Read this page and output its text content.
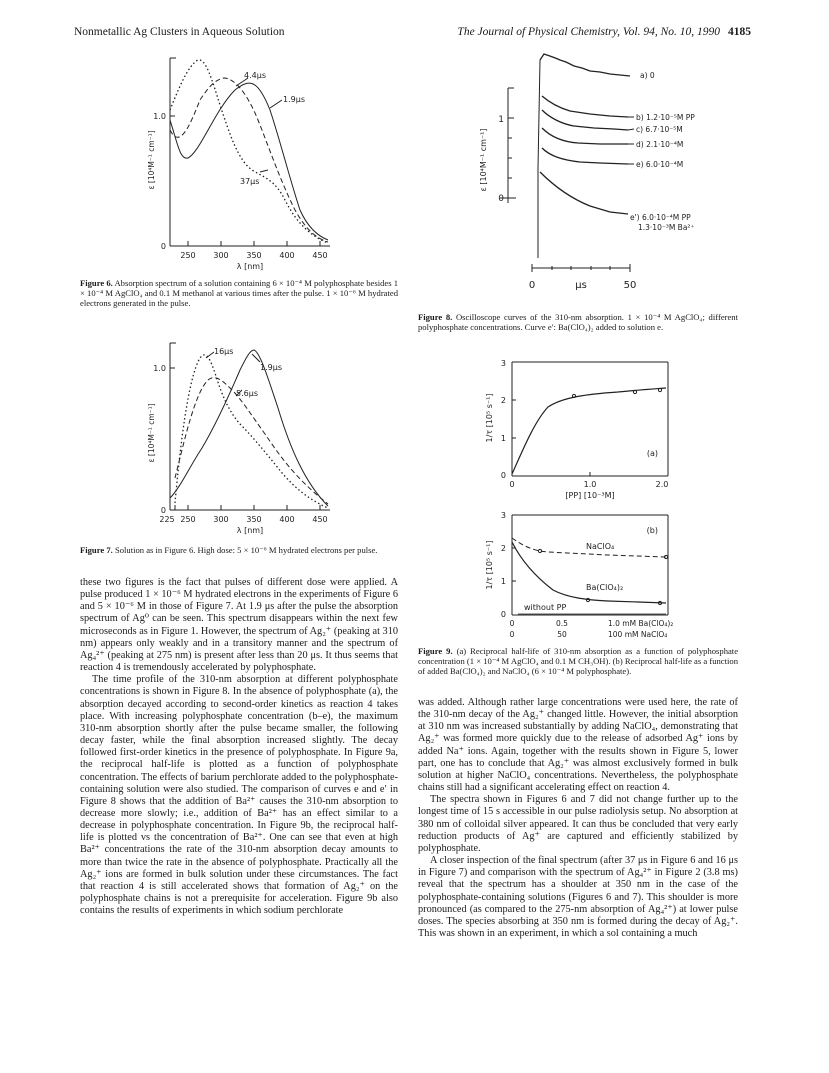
Nonmetallic Ag Clusters in Aqueous Solution	The Journal of Physical Chemistry, Vol. 94, No. 10, 1990 4185
1.0
0
ε [10⁴M⁻¹ cm⁻¹]
250 300 350 400 450
λ [nm]
4.4μs
1.9μs
37μs
Figure 6. Absorption spectrum of a solution containing 6 × 10⁻⁴ M polyphosphate besides 1 × 10⁻⁴ M AgClO₄ and 0.1 M methanol at various times after the pulse. 1 × 10⁻⁶ M hydrated electrons generated in the pulse.
1.0
0
ε [10⁴M⁻¹ cm⁻¹]
225 250 300 350 400 450
λ [nm]
16μs
1.9μs
5.6μs
Figure 7. Solution as in Figure 6. High dose: 5 × 10⁻⁶ M hydrated electrons per pulse.

these two figures is the fact that pulses of different dose were applied. A pulse produced 1 × 10⁻⁶ M hydrated electrons in the experiments of Figure 6 and 5 × 10⁻⁶ M in those of Figure 7. At 1.9 μs after the pulse the absorption spectrum of Ag⁰ can be seen. This spectrum disappears within the next few microseconds as in Figure 1. However, the spectrum of Ag₂⁺ (peaking at 310 nm) appears only weakly and in a transitory manner and the spectrum of Ag₄²⁺ (peaking at 275 nm) is present after less than 20 μs. It thus seems that reaction 4 is tremendously accelerated by polyphosphate.

The time profile of the 310-nm absorption at different polyphosphate concentrations is shown in Figure 8. In the absence of polyphosphate (a), the absorption decayed according to second-order kinetics as reaction 4 takes place. With increasing polyphosphate concentration (b–e), the maximum 310-nm absorption shortly after the pulse became smaller, the following decay faster, while the final absorption increased slightly. The decay followed first-order kinetics in the presence of polyphosphate. In Figure 9a, the reciprocal half-life is plotted as a function of polyphosphate concentration. The effects of barium perchlorate added to the polyphosphate-containing solution were also studied. The comparison of curves e and e′ in Figure 8 shows that the addition of Ba²⁺ causes the 310-nm absorption to decrease more slowly; i.e., addition of Ba²⁺ has an effect similar to a decrease in polyphosphate concentration. In Figure 9b, the reciprocal half-life is plotted vs the concentration of Ba²⁺. One can see that even at high Ba²⁺ concentrations the rate of the 310-nm absorption decay amounts to more than twice the rate in the absence of polyphosphate. Practically all the Ag₂⁺ ions are formed in bulk solution under these circumstances. The fact that reaction 4 is still accelerated shows that formation of Ag₂⁺ on the polyphosphate chains is not a prerequisite for acceleration. Figure 9b also contains the results of experiments in which sodium perchlorate

1
0
ε [10⁴M⁻¹ cm⁻¹]
0	μs	50
a) 0
b) 1.2·10⁻⁵M PP
c) 6.7·10⁻⁵M
d) 2.1·10⁻⁴M
e) 6.0·10⁻⁴M
e') 6.0·10⁻⁴M PP
1.3·10⁻³M Ba²⁺
Figure 8. Oscilloscope curves of the 310-nm absorption. 1 × 10⁻⁴ M AgClO₄; different polyphosphate concentrations. Curve e′: Ba(ClO₄)₂ added to solution e.
3
2
1
0
1/τ [10⁵ s⁻¹]
0	1.0	2.0
[PP] [10⁻³M]
(a)
3
2
1
0
1/τ [10⁵ s⁻¹]
(b)
NaClO₄
Ba(ClO₄)₂
without PP
0	0.5	1.0 mM Ba(ClO₄)₂
0	50	100 mM NaClO₄
Figure 9. (a) Reciprocal half-life of 310-nm absorption as a function of polyphosphate concentration (1 × 10⁻⁴ M AgClO₄ and 0.1 M CH₃OH). (b) Reciprocal half-life as a function of added Ba(ClO₄)₂ and NaClO₄ (6 × 10⁻⁴ M polyphosphate).

was added. Although rather large concentrations were used here, the rate of the 310-nm decay of the Ag₂⁺ changed little. However, the initial absorption at 310 nm was increased substantially by adding NaClO₄, demonstrating that Ag₂⁺ was formed more quickly due to the release of adsorbed Ag⁺ ions by added Na⁺ ions. Again, together with the results shown in Figure 5, lower part, one has to conclude that Ag₂⁺ was almost exclusively formed in bulk solution at higher NaClO₄ concentrations. Nevertheless, the polyphosphate chains still had a significant accelerating effect on reaction 4.

The spectra shown in Figures 6 and 7 did not change further up to the longest time of 15 s accessible in our pulse radiolysis setup. No absorption at 380 nm of colloidal silver appeared. It can thus be concluded that very early reduction products of Ag⁺ are captured and efficiently stabilized by polyphosphate.

A closer inspection of the final spectrum (after 37 μs in Figure 6 and 16 μs in Figure 7) and comparison with the spectrum of Ag₄²⁺ in Figure 2 (3.8 ms) reveal that the spectrum has a shoulder at 350 nm in the case of the polyphosphate-containing solutions (Figures 6 and 7). This shoulder is more pronounced (as compared to the 275-nm absorption of Ag₄²⁺) at lower pulse doses. The species absorbing at 350 nm is formed during the decay of Ag₂⁺. This was shown in an experiment, in which a sol containing a much
